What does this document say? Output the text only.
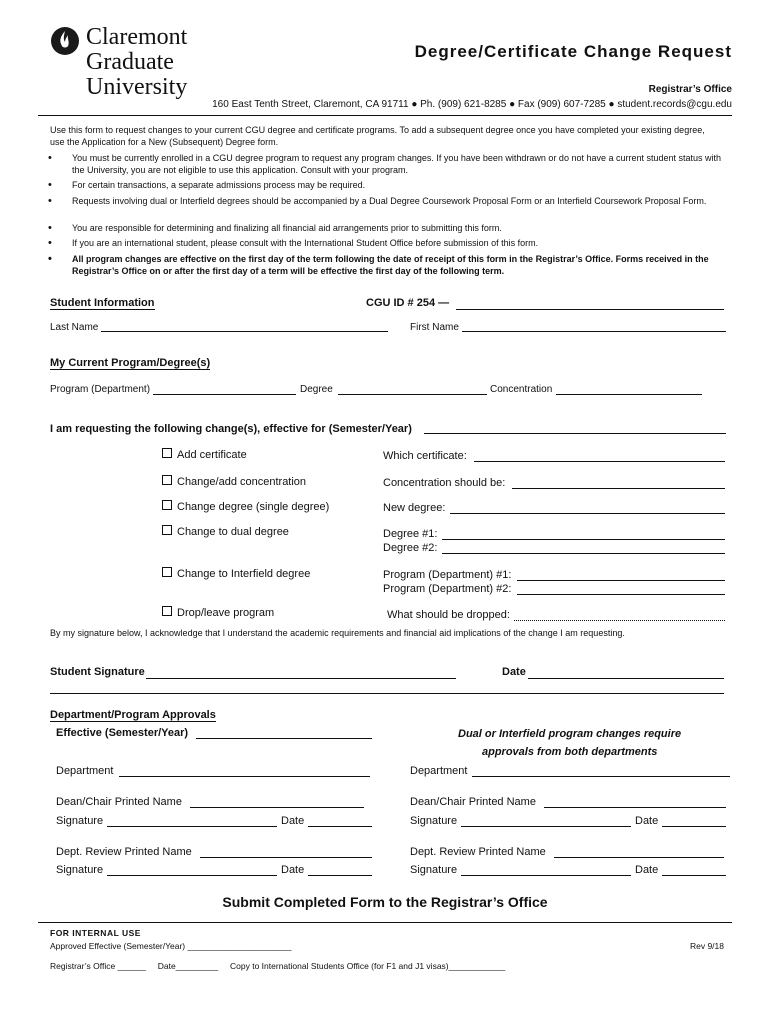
Claremont
Graduate
University
Degree/Certificate Change Request
Registrar’s Office
160 East Tenth Street, Claremont, CA 91711 ● Ph. (909) 621-8285 ● Fax (909) 607-7285 ● student.records@cgu.edu
Use this form to request changes to your current CGU degree and certificate programs. To add a subsequent degree once you have completed your existing degree, use the Application for a New (Subsequent) Degree form.
• You must be currently enrolled in a CGU degree program to request any program changes. If you have been withdrawn or do not have a current student status with the University, you are not eligible to use this application. Consult with your program.
• For certain transactions, a separate admissions process may be required.
• Requests involving dual or Interfield degrees should be accompanied by a Dual Degree Coursework Proposal Form or an Interfield Coursework Proposal Form.
• You are responsible for determining and finalizing all financial aid arrangements prior to submitting this form.
• If you are an international student, please consult with the International Student Office before submission of this form.
• All program changes are effective on the first day of the term following the date of receipt of this form in the Registrar’s Office. Forms received in the Registrar’s Office on or after the first day of a term will be effective the first day of the following term.
Student Information	CGU ID # 254 —
Last Name	First Name
My Current Program/Degree(s)
Program (Department)	Degree	Concentration
I am requesting the following change(s), effective for (Semester/Year)
Add certificate	Which certificate:
Change/add concentration	Concentration should be:
Change degree (single degree)	New degree:
Change to dual degree	Degree #1:
Degree #2:
Change to Interfield degree	Program (Department) #1:
Program (Department) #2:
Drop/leave program	What should be dropped:
By my signature below, I acknowledge that I understand the academic requirements and financial aid implications of the change I am requesting.
Student Signature	Date
Department/Program Approvals
Effective (Semester/Year)	Dual or Interfield program changes require
approvals from both departments
Department
Dean/Chair Printed Name
Signature	Date
Dept. Review Printed Name
Signature	Date
Department
Dean/Chair Printed Name
Signature	Date
Dept. Review Printed Name
Signature	Date
Submit Completed Form to the Registrar’s Office
FOR INTERNAL USE
Approved Effective (Semester/Year) ______________________	Rev 9/18
Registrar’s Office ______     Date_________     Copy to International Students Office (for F1 and J1 visas)____________
